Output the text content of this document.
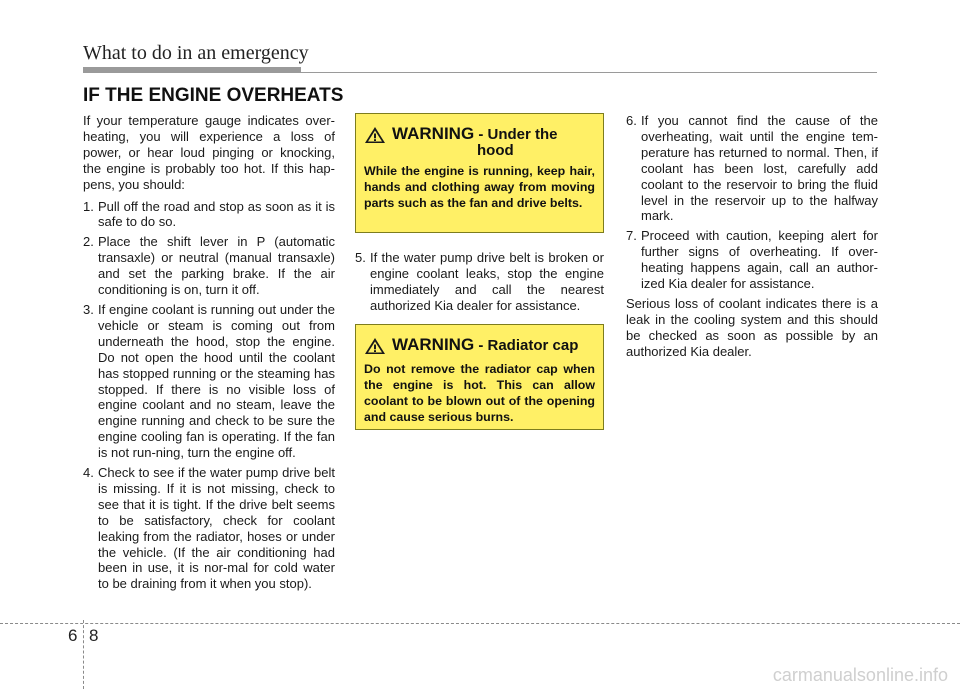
What to do in an emergency
IF THE ENGINE OVERHEATS

If your temperature gauge indicates over-heating, you will experience a loss of power, or hear loud pinging or knocking, the engine is probably too hot. If this hap-pens, you should:

1. Pull off the road and stop as soon as it is safe to do so.
2. Place the shift lever in P (automatic transaxle) or neutral (manual transaxle) and set the parking brake. If the air conditioning is on, turn it off.
3. If engine coolant is running out under the vehicle or steam is coming out from underneath the hood, stop the engine. Do not open the hood until the coolant has stopped running or the steaming has stopped. If there is no visible loss of engine coolant and no steam, leave the engine running and check to be sure the engine cooling fan is operating. If the fan is not run-ning, turn the engine off.
4. Check to see if the water pump drive belt is missing. If it is not missing, check to see that it is tight. If the drive belt seems to be satisfactory, check for coolant leaking from the radiator, hoses or under the vehicle. (If the air conditioning had been in use, it is nor-mal for cold water to be draining from it when you stop).
WARNING - Under the
hood
While the engine is running, keep hair, hands and clothing away from moving parts such as the fan and drive belts.
5. If the water pump drive belt is broken or engine coolant leaks, stop the engine immediately and call the nearest authorized Kia dealer for assistance.
WARNING - Radiator cap
Do not remove the radiator cap when the engine is hot. This can allow coolant to be blown out of the opening and cause serious burns.
6. If you cannot find the cause of the overheating, wait until the engine tem-perature has returned to normal. Then, if coolant has been lost, carefully add coolant to the reservoir to bring the fluid level in the reservoir up to the halfway mark.
7. Proceed with caution, keeping alert for further signs of overheating. If over-heating happens again, call an author-ized Kia dealer for assistance.

Serious loss of coolant indicates there is a leak in the cooling system and this should be checked as soon as possible by an authorized Kia dealer.

6 8
carmanualsonline.info
